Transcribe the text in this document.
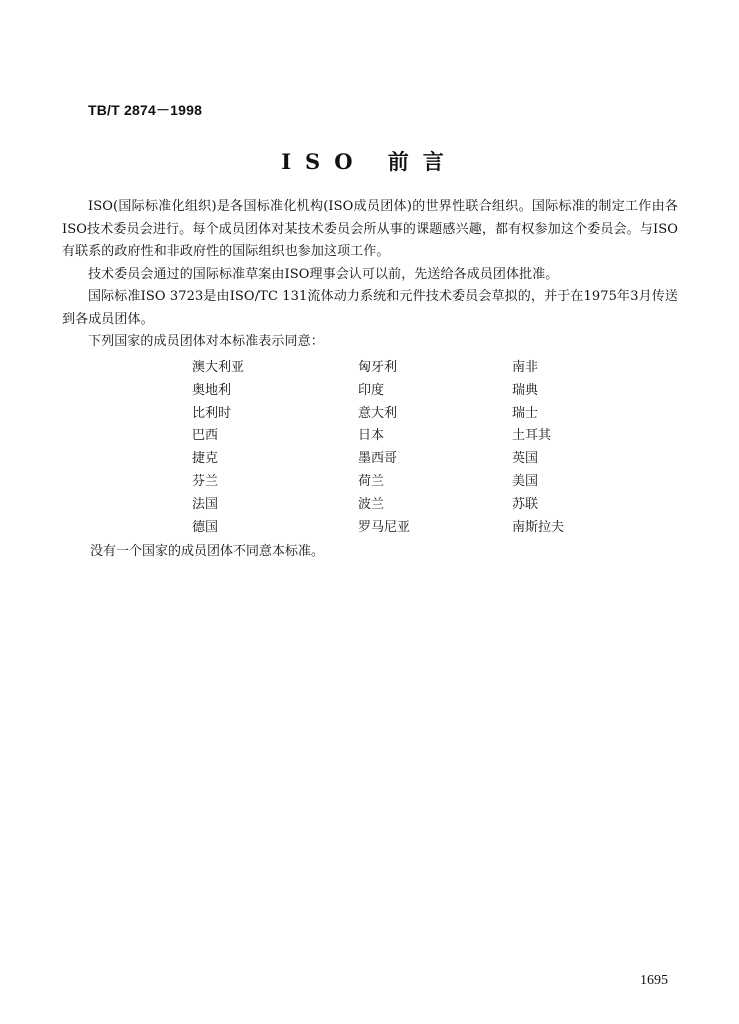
TB/T 2874－1998
ISO 前言

ISO(国际标准化组织)是各国标准化机构(ISO成员团体)的世界性联合组织。国际标准的制定工作由各ISO技术委员会进行。每个成员团体对某技术委员会所从事的课题感兴趣，都有权参加这个委员会。与ISO有联系的政府性和非政府性的国际组织也参加这项工作。

技术委员会通过的国际标准草案由ISO理事会认可以前，先送给各成员团体批准。

国际标准ISO 3723是由ISO/TC 131流体动力系统和元件技术委员会草拟的，并于在1975年3月传送到各成员团体。

下列国家的成员团体对本标准表示同意：

澳大利亚	匈牙利	南非
奥地利	印度	瑞典
比利时	意大利	瑞士
巴西	日本	土耳其
捷克	墨西哥	英国
芬兰	荷兰	美国
法国	波兰	苏联
德国	罗马尼亚	南斯拉夫
没有一个国家的成员团体不同意本标准。
1695
